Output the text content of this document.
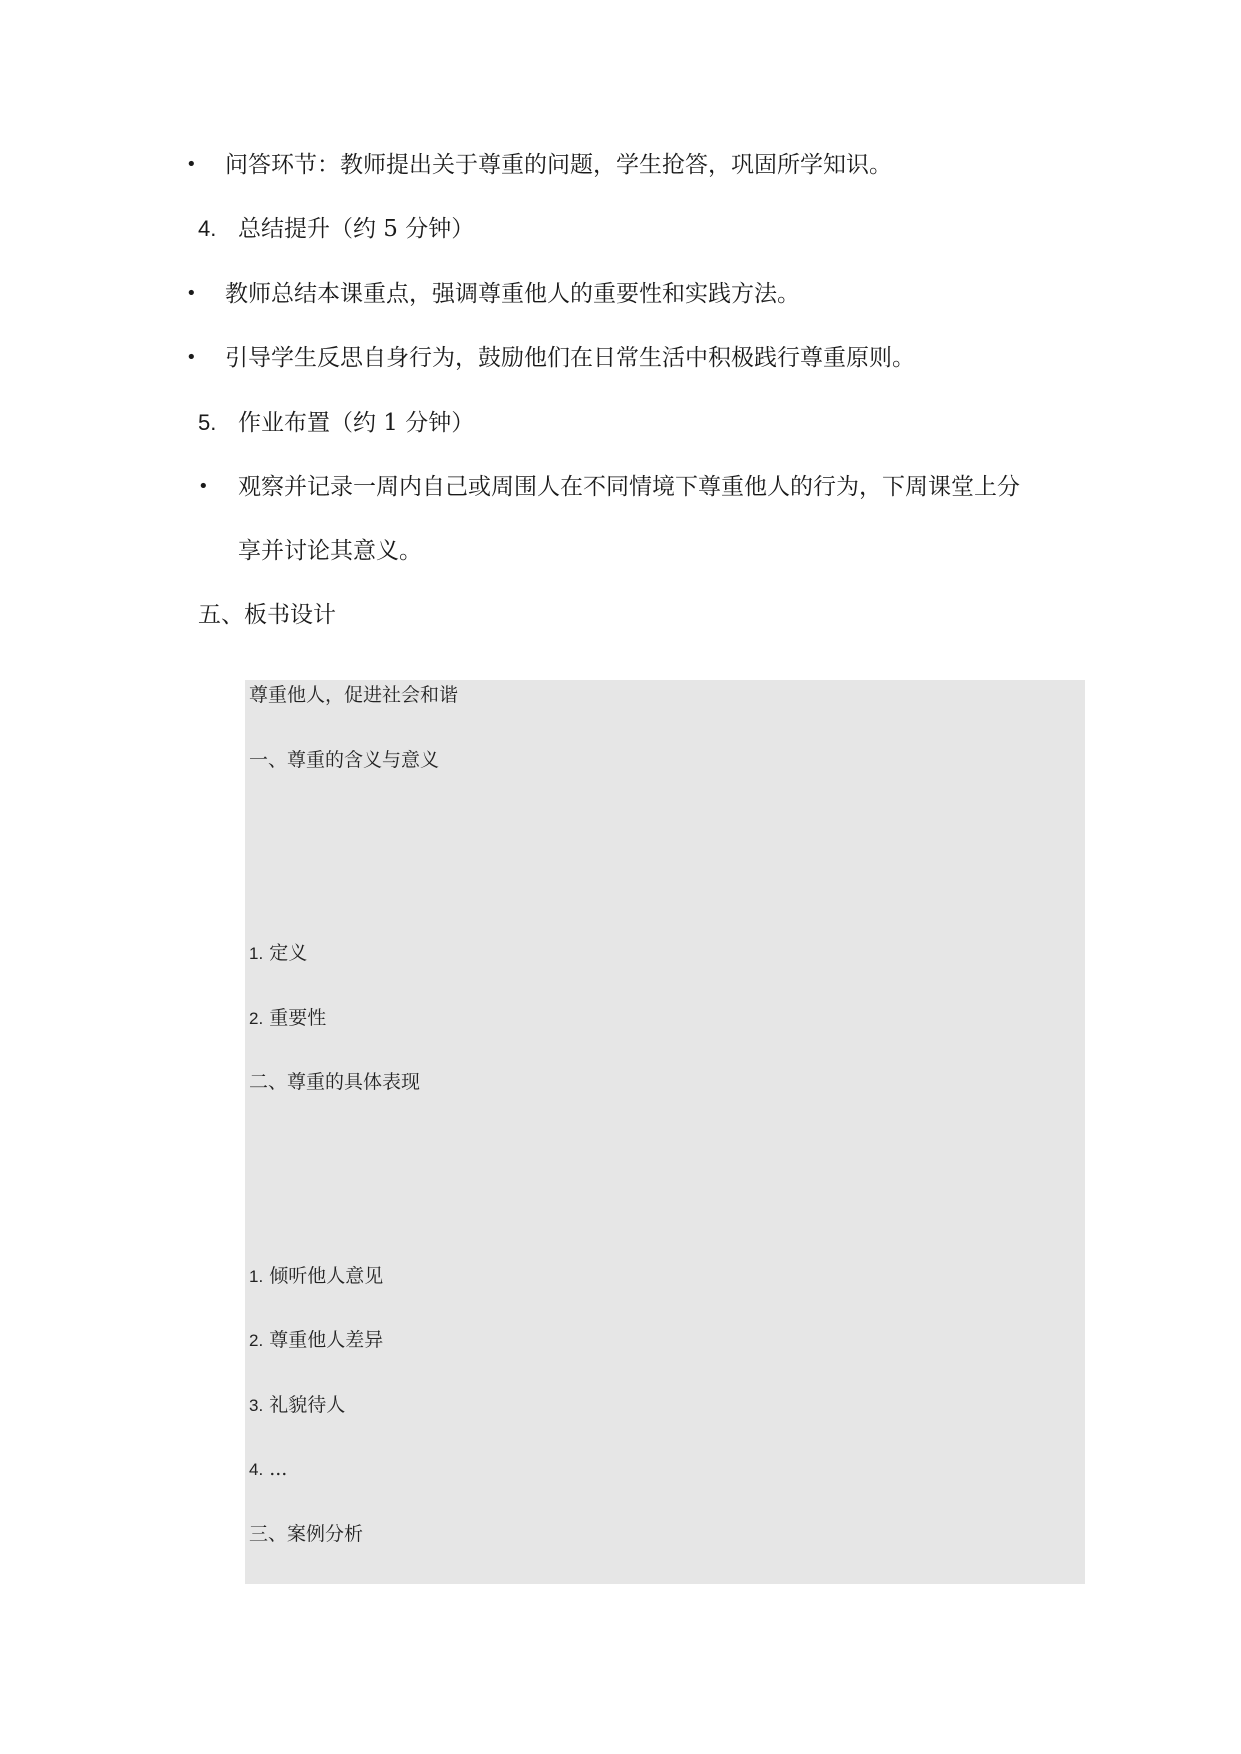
• 问答环节：教师提出关于尊重的问题，学生抢答，巩固所学知识。
4. 总结提升（约 5 分钟）
• 教师总结本课重点，强调尊重他人的重要性和实践方法。
• 引导学生反思自身行为，鼓励他们在日常生活中积极践行尊重原则。
5. 作业布置（约 1 分钟）
• 观察并记录一周内自己或周围人在不同情境下尊重他人的行为，下周课堂上分
享并讨论其意义。
五、板书设计
尊重他人，促进社会和谐
一、尊重的含义与意义
1. 定义
2. 重要性
二、尊重的具体表现
1. 倾听他人意见
2. 尊重他人差异
3. 礼貌待人
4. ...
三、案例分析
